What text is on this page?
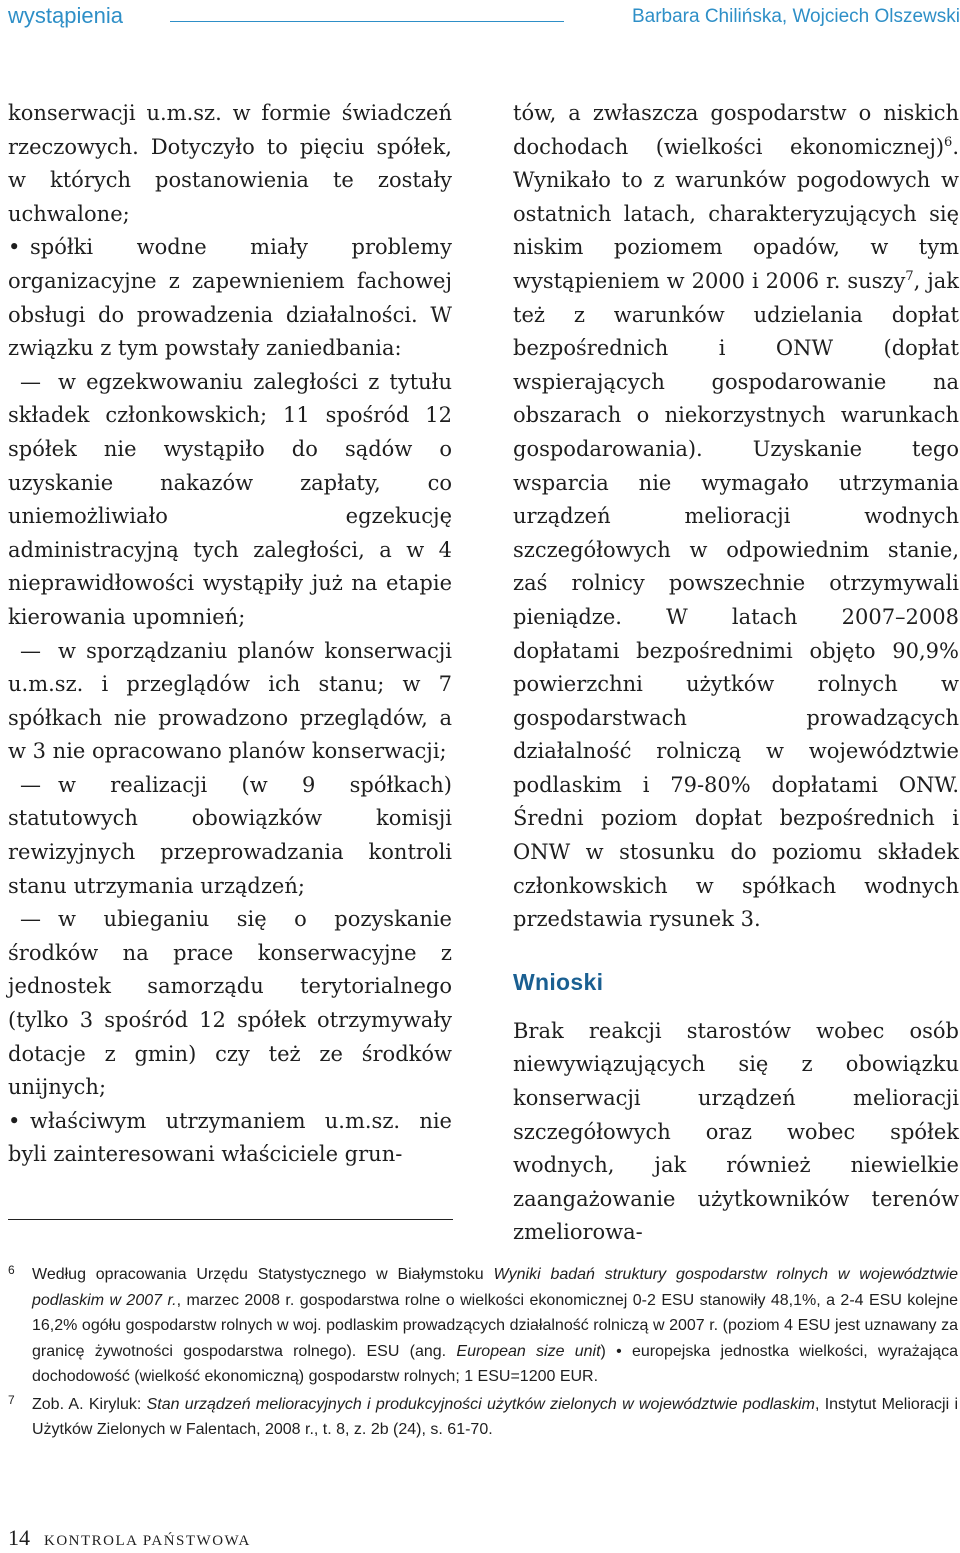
wystąpienia	Barbara Chilińska, Wojciech Olszewski

konserwacji u.m.sz. w formie świadczeń rzeczowych. Dotyczyło to pięciu spółek, w których postanowienia te zostały uchwalone;

• spółki wodne miały problemy organizacyjne z zapewnieniem fachowej obsługi do prowadzenia działalności. W związku z tym powstały zaniedbania:

— w egzekwowaniu zaległości z tytułu składek członkowskich; 11 spośród 12 spółek nie wystąpiło do sądów o uzyskanie nakazów zapłaty, co uniemożliwiało egzekucję administracyjną tych zaległości, a w 4 nieprawidłowości wystąpiły już na etapie kierowania upomnień;

— w sporządzaniu planów konserwacji u.m.sz. i przeglądów ich stanu; w 7 spółkach nie prowadzono przeglądów, a w 3 nie opracowano planów konserwacji;

— w realizacji (w 9 spółkach) statutowych obowiązków komisji rewizyjnych przeprowadzania kontroli stanu utrzymania urządzeń;

— w ubieganiu się o pozyskanie środków na prace konserwacyjne z jednostek samorządu terytorialnego (tylko 3 spośród 12 spółek otrzymywały dotacje z gmin) czy też ze środków unijnych;

• właściwym utrzymaniem u.m.sz. nie byli zainteresowani właściciele grun-

tów, a zwłaszcza gospodarstw o niskich dochodach (wielkości ekonomicznej)$^6$. Wynikało to z warunków pogodowych w ostatnich latach, charakteryzujących się niskim poziomem opadów, w tym wystąpieniem w 2000 i 2006 r. suszy$^7$, jak też z warunków udzielania dopłat bezpośrednich i ONW (dopłat wspierających gospodarowanie na obszarach o niekorzystnych warunkach gospodarowania). Uzyskanie tego wsparcia nie wymagało utrzymania urządzeń melioracji wodnych szczegółowych w odpowiednim stanie, zaś rolnicy powszechnie otrzymywali pieniądze. W latach 2007–2008 dopłatami bezpośrednimi objęto 90,9% powierzchni użytków rolnych w gospodarstwach prowadzących działalność rolniczą w województwie podlaskim i 79-80% dopłatami ONW. Średni poziom dopłat bezpośrednich i ONW w stosunku do poziomu składek członkowskich w spółkach wodnych przedstawia rysunek 3.

Wnioski

Brak reakcji starostów wobec osób niewywiązujących się z obowiązku konserwacji urządzeń melioracji szczegółowych oraz wobec spółek wodnych, jak również niewielkie zaangażowanie użytkowników terenów zmeliorowa-

6 Według opracowania Urzędu Statystycznego w Białymstoku Wyniki badań struktury gospodarstw rolnych w województwie podlaskim w 2007 r., marzec 2008 r. gospodarstwa rolne o wielkości ekonomicznej 0-2 ESU stanowiły 48,1%, a 2-4 ESU kolejne 16,2% ogółu gospodarstw rolnych w woj. podlaskim prowadzących działalność rolniczą w 2007 r. (poziom 4 ESU jest uznawany za granicę żywotności gospodarstwa rolnego). ESU (ang. European size unit) • europejska jednostka wielkości, wyrażająca dochodowość (wielkość ekonomiczną) gospodarstw rolnych; 1 ESU=1200 EUR.
7 Zob. A. Kiryluk: Stan urządzeń melioracyjnych i produkcyjności użytków zielonych w województwie podlaskim, Instytut Melioracji i Użytków Zielonych w Falentach, 2008 r., t. 8, z. 2b (24), s. 61-70.
14 KONTROLA PAŃSTWOWA
